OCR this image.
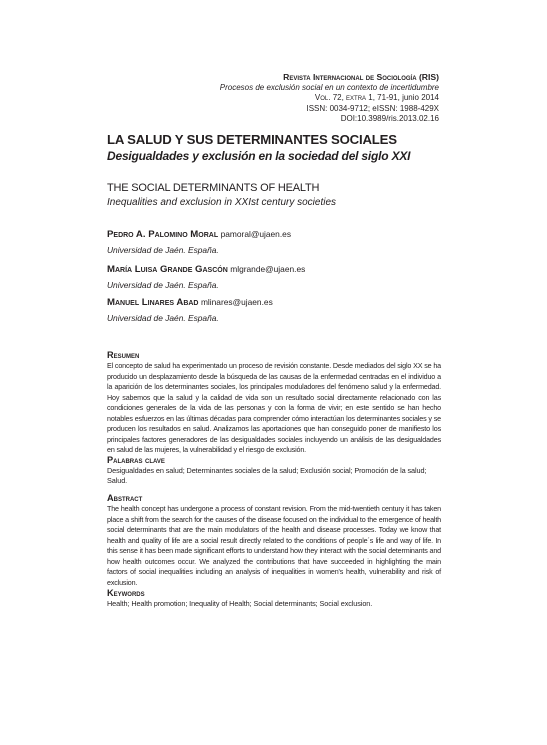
Revista Internacional de Sociología (RIS)
Procesos de exclusión social en un contexto de incertidumbre
Vol. 72, extra 1, 71-91, junio 2014
ISSN: 0034-9712; eISSN: 1988-429X
DOI:10.3989/ris.2013.02.16
LA SALUD Y SUS DETERMINANTES SOCIALES
Desigualdades y exclusión en la sociedad del siglo XXI
THE SOCIAL DETERMINANTS OF HEALTH
Inequalities and exclusion in XXIst century societies
Pedro A. Palomino Moral pamoral@ujaen.es
Universidad de Jaén. España.
María Luisa Grande Gascón mlgrande@ujaen.es
Universidad de Jaén. España.
Manuel Linares Abad mlinares@ujaen.es
Universidad de Jaén. España.
Resumen
El concepto de salud ha experimentado un proceso de revisión constante. Desde mediados del siglo XX se ha producido un desplazamiento desde la búsqueda de las causas de la enfermedad centradas en el individuo a la aparición de los determinantes sociales, los principales moduladores del fenómeno salud y la enfermedad. Hoy sabemos que la salud y la calidad de vida son un resultado social directamente relacionado con las condiciones generales de la vida de las personas y con la forma de vivir; en este sentido se han hecho notables esfuerzos en las últimas décadas para comprender cómo interactúan los determinantes sociales y se producen los resultados en salud. Analizamos las aportaciones que han conseguido poner de manifiesto los principales factores generadores de las desigualdades sociales incluyendo un análisis de las desigualdades en salud de las mujeres, la vulnerabilidad y el riesgo de exclusión.
Palabras clave
Desigualdades en salud; Determinantes sociales de la salud; Exclusión social; Promoción de la salud; Salud.
Abstract
The health concept has undergone a process of constant revision. From the mid-twentieth century it has taken place a shift from the search for the causes of the disease focused on the individual to the emergence of health social determinants that are the main modulators of the health and disease processes. Today we know that health and quality of life are a social result directly related to the conditions of people´s life and way of life. In this sense it has been made significant efforts to understand how they interact with the social determinants and how health outcomes occur. We analyzed the contributions that have succeeded in highlighting the main factors of social inequalities including an analysis of inequalities in women's health, vulnerability and risk of exclusion.
Keywords
Health; Health promotion; Inequality of Health; Social determinants; Social exclusion.
